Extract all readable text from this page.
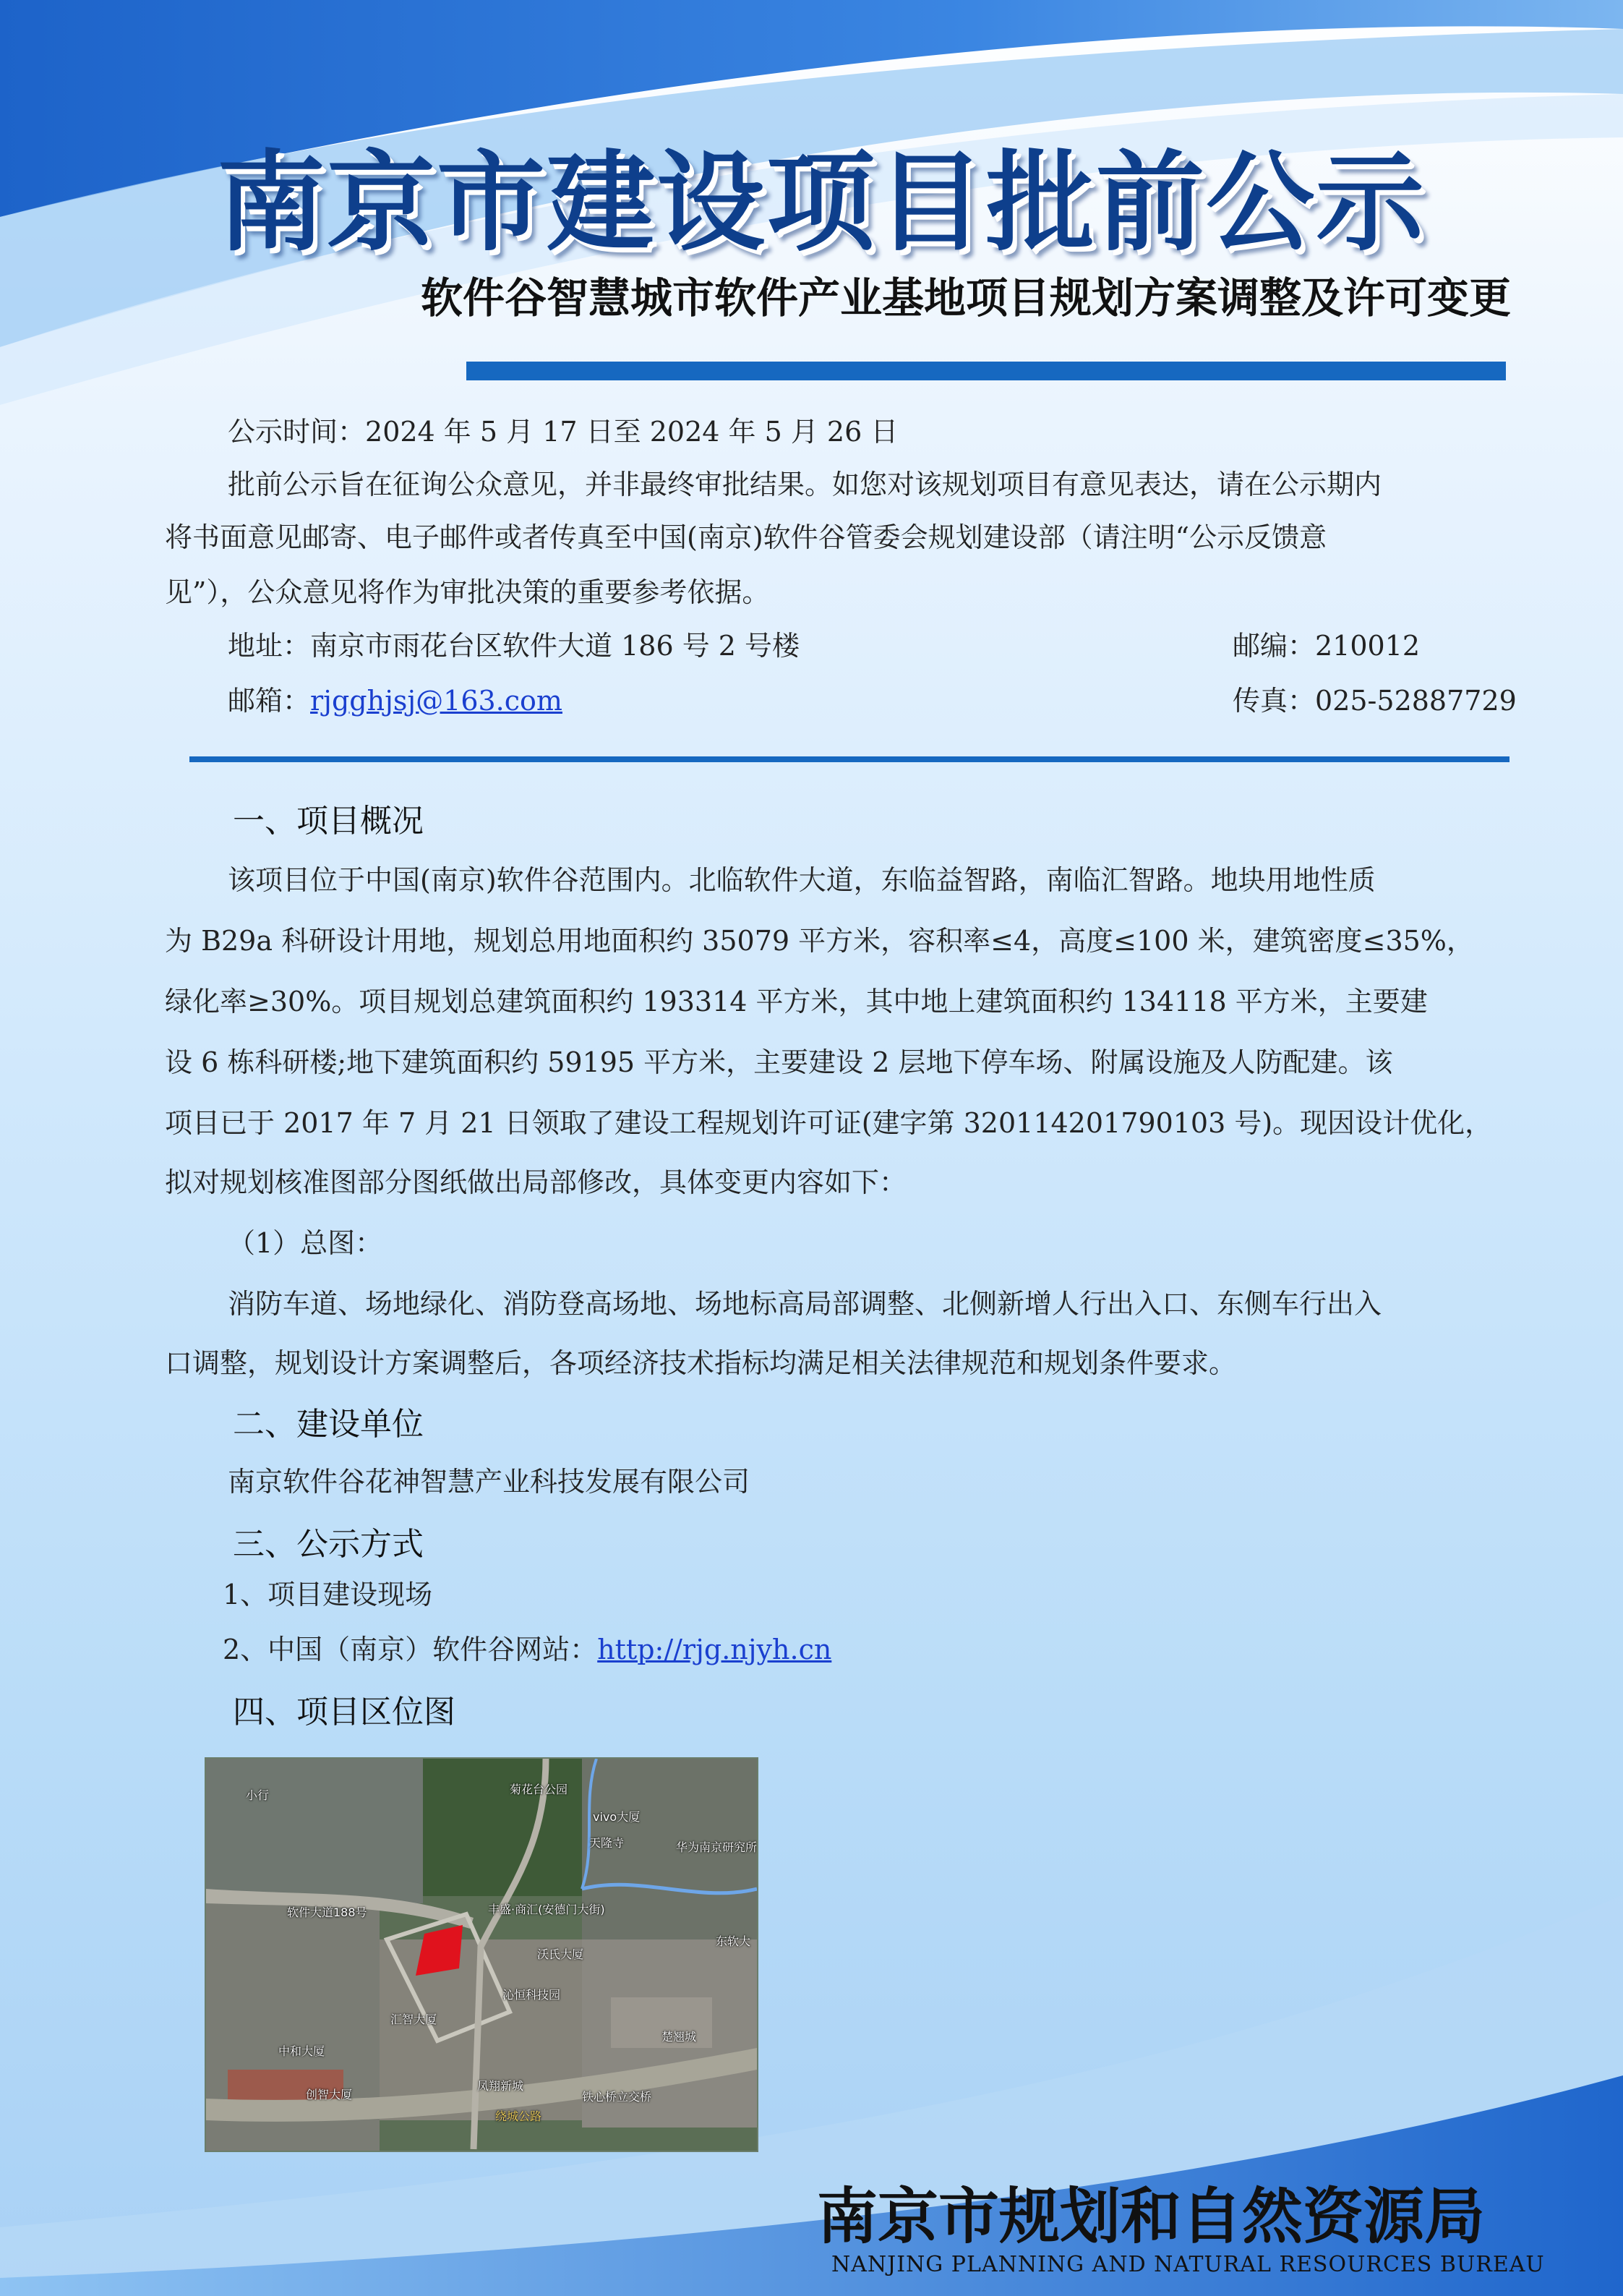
南京市建设项目批前公示
软件谷智慧城市软件产业基地项目规划方案调整及许可变更
公示时间：2024 年 5 月 17 日至 2024 年 5 月 26 日
批前公示旨在征询公众意见，并非最终审批结果。如您对该规划项目有意见表达，请在公示期内
将书面意见邮寄、电子邮件或者传真至中国(南京)软件谷管委会规划建设部（请注明“公示反馈意
见”），公众意见将作为审批决策的重要参考依据。
地址：南京市雨花台区软件大道 186 号 2 号楼	邮编：210012
邮箱：rjgghjsj@163.com	传真：025-52887729
一、项目概况
该项目位于中国(南京)软件谷范围内。北临软件大道，东临益智路，南临汇智路。地块用地性质
为 B29a 科研设计用地，规划总用地面积约 35079 平方米，容积率≤4，高度≤100 米，建筑密度≤35%，
绿化率≥30%。项目规划总建筑面积约 193314 平方米，其中地上建筑面积约 134118 平方米，主要建
设 6 栋科研楼;地下建筑面积约 59195 平方米，主要建设 2 层地下停车场、附属设施及人防配建。该
项目已于 2017 年 7 月 21 日领取了建设工程规划许可证(建字第 320114201790103 号)。现因设计优化，
拟对规划核准图部分图纸做出局部修改，具体变更内容如下：
（1）总图：
消防车道、场地绿化、消防登高场地、场地标高局部调整、北侧新增人行出入口、东侧车行出入
口调整，规划设计方案调整后，各项经济技术指标均满足相关法律规范和规划条件要求。
二、建设单位
南京软件谷花神智慧产业科技发展有限公司
三、公示方式
1、项目建设现场
2、中国（南京）软件谷网站：http://rjg.njyh.cn
四、项目区位图
小行	菊花台公园
vivo大厦
天隆寺	华为南京研究所
软件大道188号	丰盛·商汇(安德门大街)
东软大
沃氏大厦
沁恒科技园
汇智大厦
楚翘城
中和大厦
创智大厦
凤翔新城
铁心桥立交桥
绕城公路
南京市规划和自然资源局
NANJING PLANNING AND NATURAL RESOURCES BUREAU
